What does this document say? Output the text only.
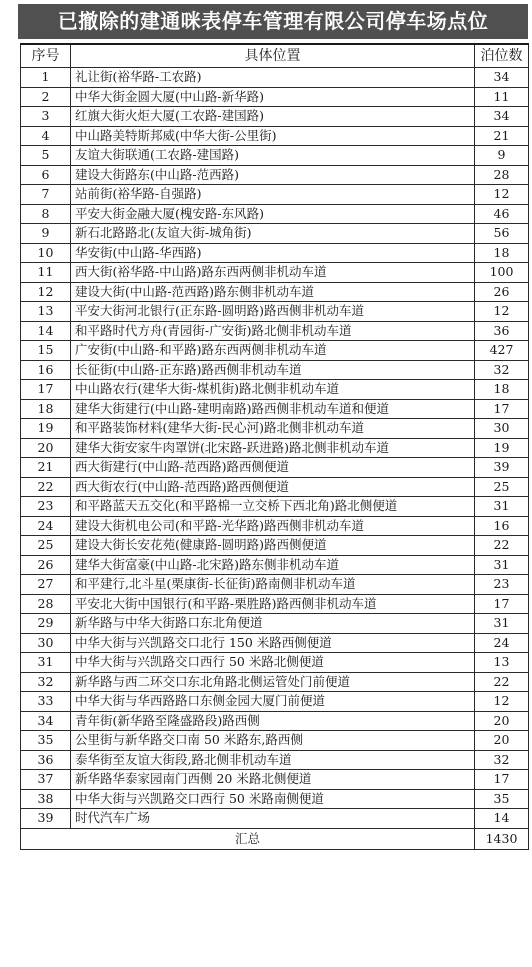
已撤除的建通咪表停车管理有限公司停车场点位
序号	具体位置	泊位数
1	礼让街(裕华路-工农路)	34
2	中华大街金圆大厦(中山路-新华路)	11
3	红旗大街火炬大厦(工农路-建国路)	34
4	中山路美特斯邦威(中华大街-公里街)	21
5	友谊大街联通(工农路-建国路)	9
6	建设大街路东(中山路-范西路)	28
7	站前街(裕华路-自强路)	12
8	平安大街金融大厦(槐安路-东风路)	46
9	新石北路路北(友谊大街-城角街)	56
10	华安街(中山路-华西路)	18
11	西大街(裕华路-中山路)路东西两侧非机动车道	100
12	建设大街(中山路-范西路)路东侧非机动车道	26
13	平安大街河北银行(正东路-圆明路)路西侧非机动车道	12
14	和平路时代方舟(青园街-广安街)路北侧非机动车道	36
15	广安街(中山路-和平路)路东西两侧非机动车道	427
16	长征街(中山路-正东路)路西侧非机动车道	32
17	中山路农行(建华大街-煤机街)路北侧非机动车道	18
18	建华大街建行(中山路-建明南路)路西侧非机动车道和便道	17
19	和平路装饰材料(建华大街-民心河)路北侧非机动车道	30
20	建华大街安家牛肉罩饼(北宋路-跃进路)路北侧非机动车道	19
21	西大街建行(中山路-范西路)路西侧便道	39
22	西大街农行(中山路-范西路)路西侧便道	25
23	和平路蓝天五交化(和平路棉一立交桥下西北角)路北侧便道	31
24	建设大街机电公司(和平路-光华路)路西侧非机动车道	16
25	建设大街长安花苑(健康路-圆明路)路西侧便道	22
26	建华大街富豪(中山路-北宋路)路东侧非机动车道	31
27	和平建行,北斗星(栗康街-长征街)路南侧非机动车道	23
28	平安北大街中国银行(和平路-栗胜路)路西侧非机动车道	17
29	新华路与中华大街路口东北角便道	31
30	中华大街与兴凯路交口北行 150 米路西侧便道	24
31	中华大街与兴凯路交口西行 50 米路北侧便道	13
32	新华路与西二环交口东北角路北侧运管处门前便道	22
33	中华大街与华西路路口东侧金园大厦门前便道	12
34	青年街(新华路至隆盛路段)路西侧	20
35	公里街与新华路交口南 50 米路东,路西侧	20
36	泰华街至友谊大街段,路北侧非机动车道	32
37	新华路华泰家园南门西侧 20 米路北侧便道	17
38	中华大街与兴凯路交口西行 50 米路南侧便道	35
39	时代汽车广场	14
汇总		1430
